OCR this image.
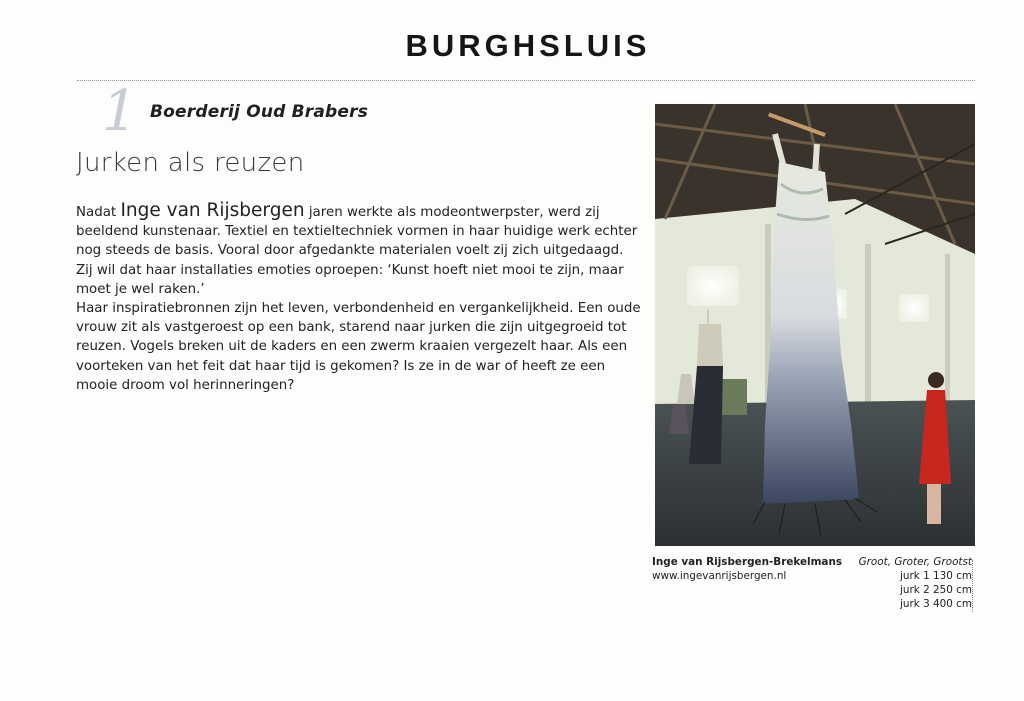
BURGHSLUIS
1 Boerderij Oud Brabers
Jurken als reuzen

Nadat Inge van Rijsbergen jaren werkte als modeontwerpster, werd zij beeldend kunstenaar. Textiel en textieltechniek vormen in haar huidige werk echter nog steeds de basis. Vooral door afgedankte materialen voelt zij zich uitgedaagd. Zij wil dat haar installaties emoties oproepen: ‘Kunst hoeft niet mooi te zijn, maar moet je wel raken.’

Haar inspiratiebronnen zijn het leven, verbondenheid en vergankelijkheid. Een oude vrouw zit als vastgeroest op een bank, starend naar jurken die zijn uitgegroeid tot reuzen. Vogels breken uit de kaders en een zwerm kraaien vergezelt haar. Als een voorteken van het feit dat haar tijd is gekomen? Is ze in de war of heeft ze een mooie droom vol herinneringen?

Inge van Rijsbergen-Brekelmans
www.ingevanrijsbergen.nl
Groot, Groter, Grootst
jurk 1 130 cm
jurk 2 250 cm
jurk 3 400 cm
